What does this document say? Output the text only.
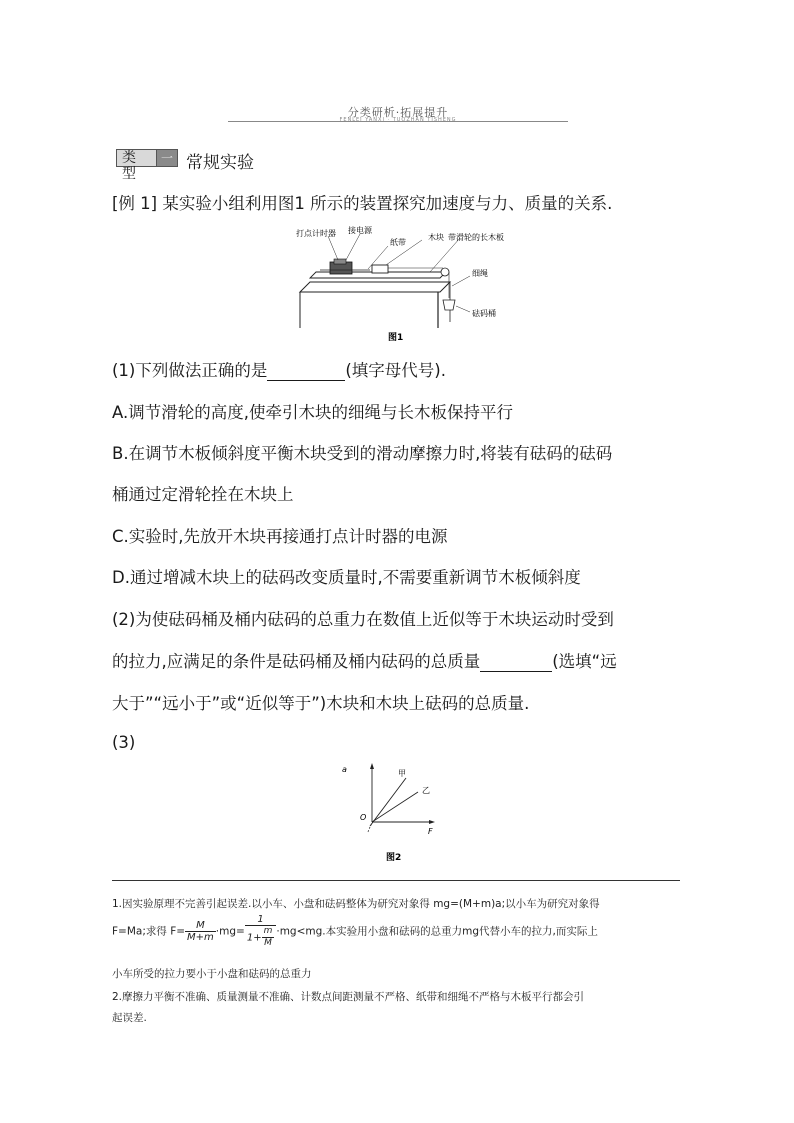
分类研析·拓展提升
FENLEI YANXI · TUOZHAN TISHENG
类型
一 常规实验
[例 1] 某实验小组利用图1 所示的装置探究加速度与力、质量的关系.
打点计时器 接电源
纸带
木块 带滑轮的长木板
细绳
砝码桶
图1
(1)下列做法正确的是	(填字母代号).
A.调节滑轮的高度,使牵引木块的细绳与长木板保持平行
B.在调节木板倾斜度平衡木块受到的滑动摩擦力时,将装有砝码的砝码
桶通过定滑轮拴在木块上
C.实验时,先放开木块再接通打点计时器的电源
D.通过增减木块上的砝码改变质量时,不需要重新调节木板倾斜度
(2)为使砝码桶及桶内砝码的总重力在数值上近似等于木块运动时受到
的拉力,应满足的条件是砝码桶及桶内砝码的总质量	(选填“远
大于”“远小于”或“近似等于”)木块和木块上砝码的总质量.
(3)
a
F
O
甲
乙
图2
1.因实验原理不完善引起误差.以小车、小盘和砝码整体为研究对象得 mg=(M+m)a;以小车为研究对象得
F=Ma;求得 $F= \frac{M}{M+m} \cdot mg= \frac{1}{1+ \frac{m}{M}} \cdot mg<mg$.本实验用小盘和砝码的总重力mg代替小车的拉力,而实际上
小车所受的拉力要小于小盘和砝码的总重力
2.摩擦力平衡不准确、质量测量不准确、计数点间距测量不严格、纸带和细绳不严格与木板平行都会引
起误差.
